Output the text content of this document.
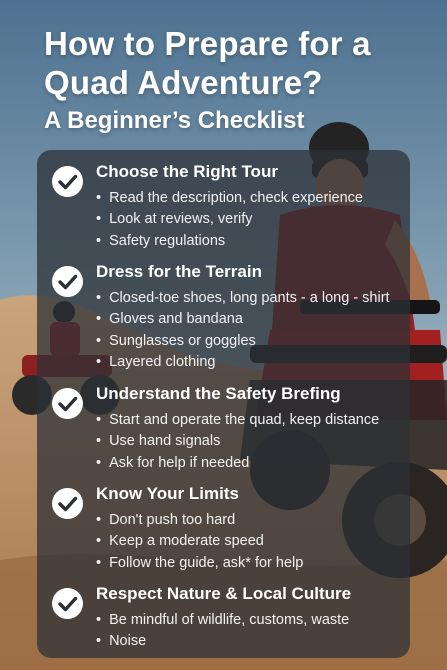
How to Prepare for a
Quad Adventure?
A Beginner’s Checklist
Choose the Right Tour
• Read the description, check experience
• Look at reviews, verify
• Safety regulations
Dress for the Terrain
• Closed-toe shoes, long pants - a long - shirt
• Gloves and bandana
• Sunglasses or goggles
• Layered clothing
Understand the Safety Brefing
• Start and operate the quad, keep distance
• Use hand signals
• Ask for help if needed
Know Your Limits
• Don't push too hard
• Keep a moderate speed
• Follow the guide, ask* for help
Respect Nature & Local Culture
• Be mindful of wildlife, customs, waste
• Noise
